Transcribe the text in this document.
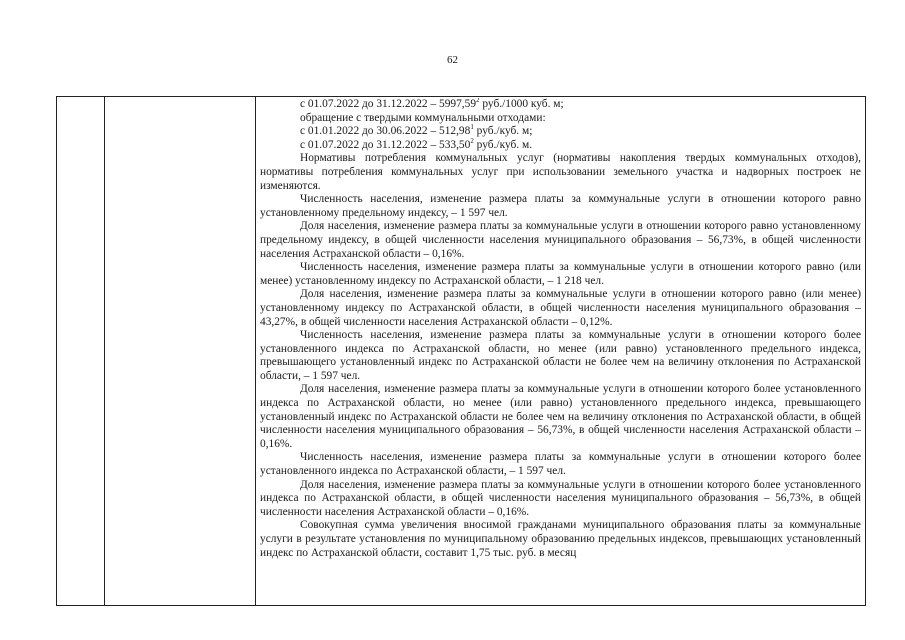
62
с 01.07.2022 до 31.12.2022 – 5997,59$^2$ руб./1000 куб. м;
обращение с твердыми коммунальными отходами:
с 01.01.2022 до 30.06.2022 – 512,98$^1$ руб./куб. м;
с 01.07.2022 до 31.12.2022 – 533,50$^2$ руб./куб. м.

Нормативы потребления коммунальных услуг (нормативы накопления твердых коммунальных отходов), нормативы потребления коммунальных услуг при использовании земельного участка и надворных построек не изменяются.

Численность населения, изменение размера платы за коммунальные услуги в отношении которого равно установленному предельному индексу, – 1 597 чел.

Доля населения, изменение размера платы за коммунальные услуги в отношении которого равно установленному предельному индексу, в общей численности населения муниципального образования – 56,73%, в общей численности населения Астраханской области – 0,16%.

Численность населения, изменение размера платы за коммунальные услуги в отношении которого равно (или менее) установленному индексу по Астраханской области, – 1 218 чел.

Доля населения, изменение размера платы за коммунальные услуги в отношении которого равно (или менее) установленному индексу по Астраханской области, в общей численности населения муниципального образования – 43,27%, в общей численности населения Астраханской области – 0,12%.

Численность населения, изменение размера платы за коммунальные услуги в отношении которого более установленного индекса по Астраханской области, но менее (или равно) установленного предельного индекса, превышающего установленный индекс по Астраханской области не более чем на величину отклонения по Астраханской области, – 1 597 чел.

Доля населения, изменение размера платы за коммунальные услуги в отношении которого более установленного индекса по Астраханской области, но менее (или равно) установленного предельного индекса, превышающего установленный индекс по Астраханской области не более чем на величину отклонения по Астраханской области, в общей численности населения муниципального образования – 56,73%, в общей численности населения Астраханской области – 0,16%.

Численность населения, изменение размера платы за коммунальные услуги в отношении которого более установленного индекса по Астраханской области, – 1 597 чел.

Доля населения, изменение размера платы за коммунальные услуги в отношении которого более установленного индекса по Астраханской области, в общей численности населения муниципального образования – 56,73%, в общей численности населения Астраханской области – 0,16%.

Совокупная сумма увеличения вносимой гражданами муниципального образования платы за коммунальные услуги в результате установления по муниципальному образованию предельных индексов, превышающих установленный индекс по Астраханской области, составит 1,75 тыс. руб. в месяц
